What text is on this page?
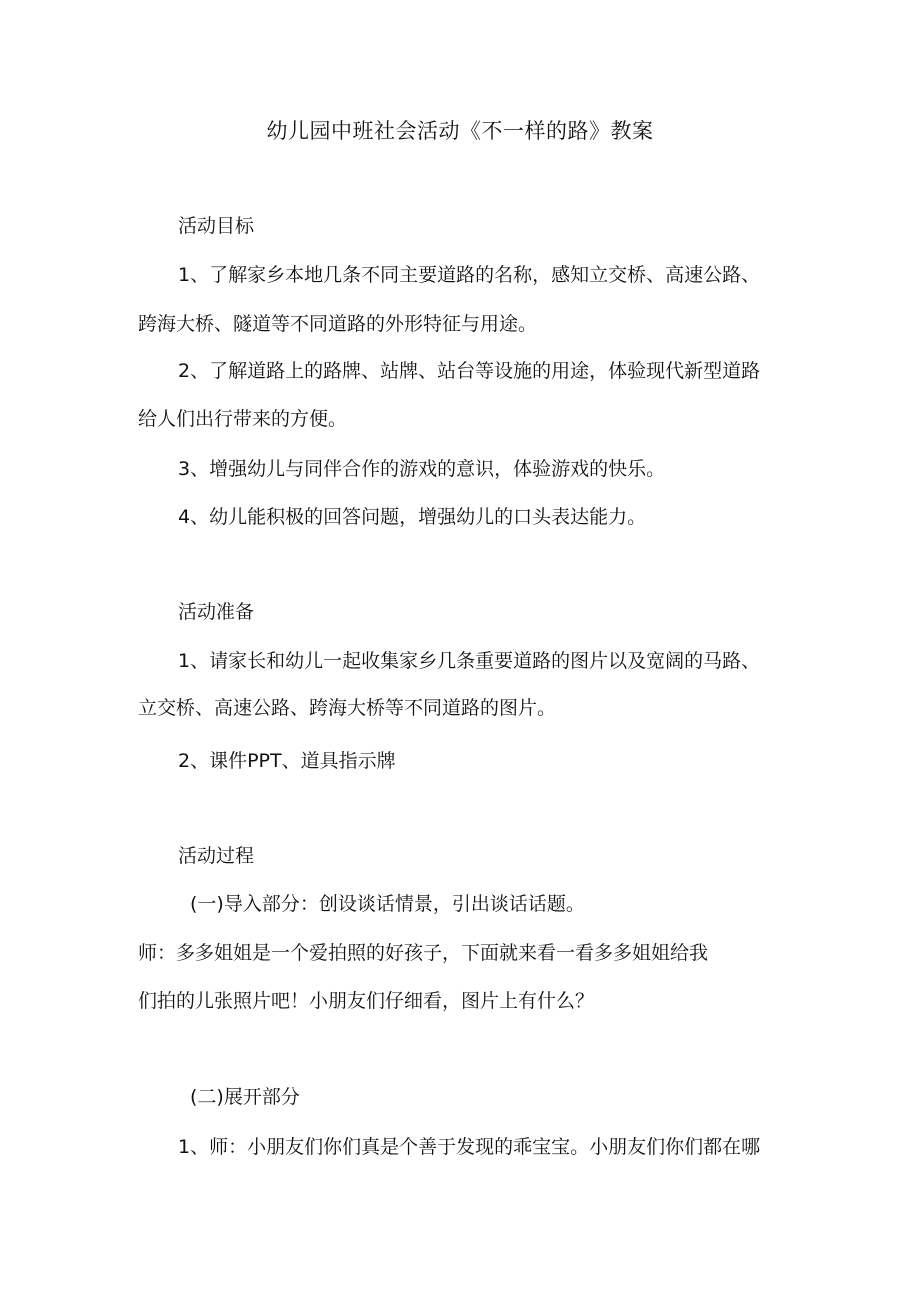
幼儿园中班社会活动《不一样的路》教案
活动目标
1、了解家乡本地几条不同主要道路的名称，感知立交桥、高速公路、
跨海大桥、隧道等不同道路的外形特征与用途。
2、了解道路上的路牌、站牌、站台等设施的用途，体验现代新型道路
给人们出行带来的方便。
3、增强幼儿与同伴合作的游戏的意识，体验游戏的快乐。
4、幼儿能积极的回答问题，增强幼儿的口头表达能力。
活动准备
1、请家长和幼儿一起收集家乡几条重要道路的图片以及宽阔的马路、
立交桥、高速公路、跨海大桥等不同道路的图片。
2、课件PPT、道具指示牌
活动过程
(一)导入部分：创设谈话情景，引出谈话话题。
师：多多姐姐是一个爱拍照的好孩子，下面就来看一看多多姐姐给我
们拍的儿张照片吧！小朋友们仔细看，图片上有什么？
(二)展开部分
1、师：小朋友们你们真是个善于发现的乖宝宝。小朋友们你们都在哪
